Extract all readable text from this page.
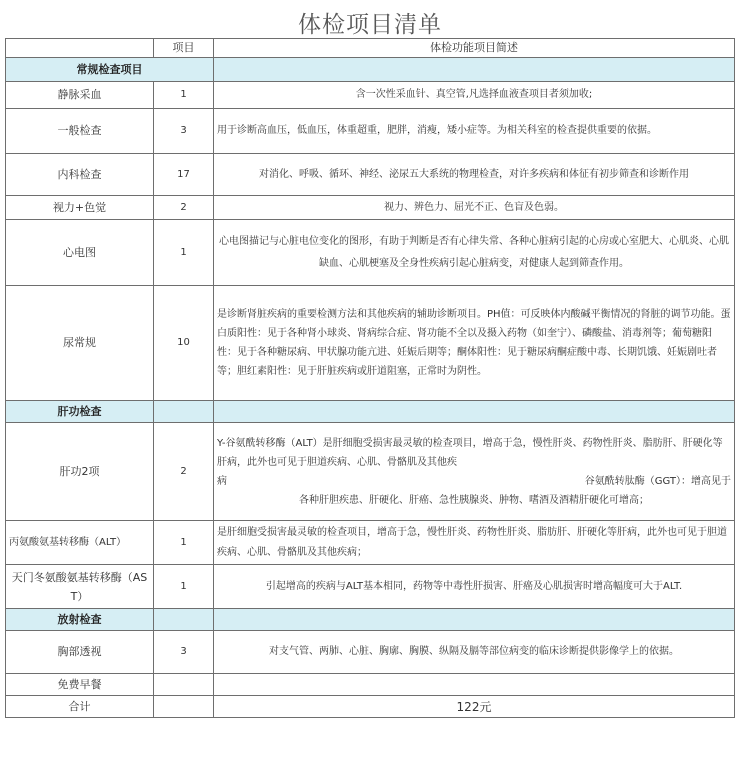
体检项目清单
	项目	体检功能项目简述
常规检查项目		
静脉采血	1	含一次性采血针、真空管,凡选择血液查项目者须加收;
一般检查	3	用于诊断高血压，低血压，体重超重，肥胖，消瘦，矮小症等。为相关科室的检查提供重要的依据。
内科检查	17	对消化、呼吸、循环、神经、泌尿五大系统的物理检查，对许多疾病和体征有初步筛查和诊断作用
视力+色觉	2	视力、辨色力、屈光不正、色盲及色弱。
心电图	1	心电图描记与心脏电位变化的图形，有助于判断是否有心律失常、各种心脏病引起的心房或心室肥大、心肌炎、心肌缺血、心肌梗塞及全身性疾病引起心脏病变，对健康人起到筛查作用。
尿常规	10	是诊断肾脏疾病的重要检测方法和其他疾病的辅助诊断项目。PH值：可反映体内酸碱平衡情况的肾脏的调节功能。蛋白质阳性：见于各种肾小球炎、肾病综合症、肾功能不全以及摄入药物（如奎宁）、磷酸盐、消毒剂等；葡萄糖阳性：见于各种糖尿病、甲状腺功能亢进、妊娠后期等；酮体阳性：见于糖尿病酮症酸中毒、长期饥饿、妊娠剧吐者等；胆红素阳性：见于肝脏疾病或肝道阻塞，正常时为阴性。
肝功检查		
肝功2项	2	Y-谷氨酰转移酶（ALT）是肝细胞受损害最灵敏的检查项目，增高于急，慢性肝炎、药物性肝炎、脂肪肝、肝硬化等肝病，此外也可见于胆道疾病、心肌、骨骼肌及其他疾
病 谷氨酰转肽酶（GGT）：增高见于

各种肝胆疾患、肝硬化、肝癌、急性胰腺炎、肿物、嗜酒及酒精肝硬化可增高；

丙氨酸氨基转移酶（ALT）	1	是肝细胞受损害最灵敏的检查项目，增高于急，慢性肝炎、药物性肝炎、脂肪肝、肝硬化等肝病，此外也可见于胆道疾病、心肌、骨骼肌及其他疾病；
天门冬氨酸氨基转移酶（AST）	1	引起增高的疾病与ALT基本相同，药物等中毒性肝损害、肝癌及心肌损害时增高幅度可大于ALT.
放射检查		
胸部透视	3	对支气管、两肺、心脏、胸廓、胸膜、纵隔及膈等部位病变的临床诊断提供影像学上的依据。
免费早餐		
合计		122元
